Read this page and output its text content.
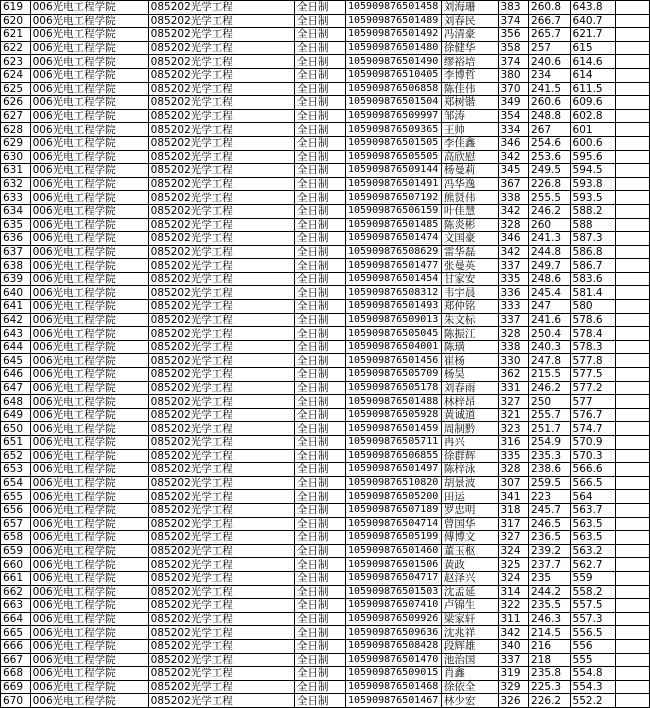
619	006光电工程学院	085202光学工程	全日制	105909876501458	刘海珊	383	260.8	643.8	
620	006光电工程学院	085202光学工程	全日制	105909876501489	刘春民	374	266.7	640.7	
621	006光电工程学院	085202光学工程	全日制	105909876501492	冯清豪	356	265.7	621.7	
622	006光电工程学院	085202光学工程	全日制	105909876501480	徐健华	358	257	615	
623	006光电工程学院	085202光学工程	全日制	105909876501490	缪裕培	374	240.6	614.6	
624	006光电工程学院	085202光学工程	全日制	105909876510405	李博哲	380	234	614	
625	006光电工程学院	085202光学工程	全日制	105909876506858	陈佳伟	370	241.5	611.5	
626	006光电工程学院	085202光学工程	全日制	105909876501504	郑树锴	349	260.6	609.6	
627	006光电工程学院	085202光学工程	全日制	105909876509997	邹涛	354	248.8	602.8	
628	006光电工程学院	085202光学工程	全日制	105909876509365	王帅	334	267	601	
629	006光电工程学院	085202光学工程	全日制	105909876501505	李佳鑫	346	254.6	600.6	
630	006光电工程学院	085202光学工程	全日制	105909876505505	高欣慰	342	253.6	595.6	
631	006光电工程学院	085202光学工程	全日制	105909876509144	杨曼莉	345	249.5	594.5	
632	006光电工程学院	085202光学工程	全日制	105909876501491	冯华逸	367	226.8	593.8	
633	006光电工程学院	085202光学工程	全日制	105909876507192	熊贤伟	338	255.5	593.5	
634	006光电工程学院	085202光学工程	全日制	105909876506159	叶佳慧	342	246.2	588.2	
635	006光电工程学院	085202光学工程	全日制	105909876501485	陈炎彬	328	260	588	
636	006光电工程学院	085202光学工程	全日制	105909876501474	文国豪	346	241.3	587.3	
637	006光电工程学院	085202光学工程	全日制	105909876508629	雷华磊	342	244.8	586.8	
638	006光电工程学院	085202光学工程	全日制	105909876501477	张曼英	337	249.7	586.7	
639	006光电工程学院	085202光学工程	全日制	105909876501454	甘家安	335	248.6	583.6	
640	006光电工程学院	085202光学工程	全日制	105909876508312	韦宇晨	336	245.4	581.4	
641	006光电工程学院	085202光学工程	全日制	105909876501493	郑仲铭	333	247	580	
642	006光电工程学院	085202光学工程	全日制	105909876509013	朱文标	337	241.6	578.6	
643	006光电工程学院	085202光学工程	全日制	105909876505045	陈振江	328	250.4	578.4	
644	006光电工程学院	085202光学工程	全日制	105909876504001	陈璜	338	240.3	578.3	
645	006光电工程学院	085202光学工程	全日制	105909876501456	崔杨	330	247.8	577.8	
646	006光电工程学院	085202光学工程	全日制	105909876505709	杨昊	362	215.5	577.5	
647	006光电工程学院	085202光学工程	全日制	105909876505178	刘春雨	331	246.2	577.2	
648	006光电工程学院	085202光学工程	全日制	105909876501488	林梓昂	327	250	577	
649	006光电工程学院	085202光学工程	全日制	105909876505928	黄诚道	321	255.7	576.7	
650	006光电工程学院	085202光学工程	全日制	105909876501459	周制黔	323	251.7	574.7	
651	006光电工程学院	085202光学工程	全日制	105909876505711	冉兴	316	254.9	570.9	
652	006光电工程学院	085202光学工程	全日制	105909876506855	徐群辉	335	235.3	570.3	
653	006光电工程学院	085202光学工程	全日制	105909876501497	陈梓泳	328	238.6	566.6	
654	006光电工程学院	085202光学工程	全日制	105909876510820	胡景波	307	259.5	566.5	
655	006光电工程学院	085202光学工程	全日制	105909876505200	田运	341	223	564	
656	006光电工程学院	085202光学工程	全日制	105909876507189	罗忠明	318	245.7	563.7	
657	006光电工程学院	085202光学工程	全日制	105909876504714	曾国华	317	246.5	563.5	
658	006光电工程学院	085202光学工程	全日制	105909876505199	傅博文	327	236.5	563.5	
659	006光电工程学院	085202光学工程	全日制	105909876501460	董玉枢	324	239.2	563.2	
660	006光电工程学院	085202光学工程	全日制	105909876501506	黄政	325	237.7	562.7	
661	006光电工程学院	085202光学工程	全日制	105909876504717	赵泽兴	324	235	559	
662	006光电工程学院	085202光学工程	全日制	105909876501503	沈孟延	314	244.2	558.2	
663	006光电工程学院	085202光学工程	全日制	105909876507410	卢锦生	322	235.5	557.5	
664	006光电工程学院	085202光学工程	全日制	105909876509926	梁家轩	311	246.3	557.3	
665	006光电工程学院	085202光学工程	全日制	105909876509636	沈兆祥	342	214.5	556.5	
666	006光电工程学院	085202光学工程	全日制	105909876508428	段辉雄	340	216	556	
667	006光电工程学院	085202光学工程	全日制	105909876501470	池治国	337	218	555	
668	006光电工程学院	085202光学工程	全日制	105909876509015	肖鑫	319	235.8	554.8	
669	006光电工程学院	085202光学工程	全日制	105909876501468	徐依全	329	225.3	554.3	
670	006光电工程学院	085202光学工程	全日制	105909876501467	林少宏	326	226.2	552.2	
